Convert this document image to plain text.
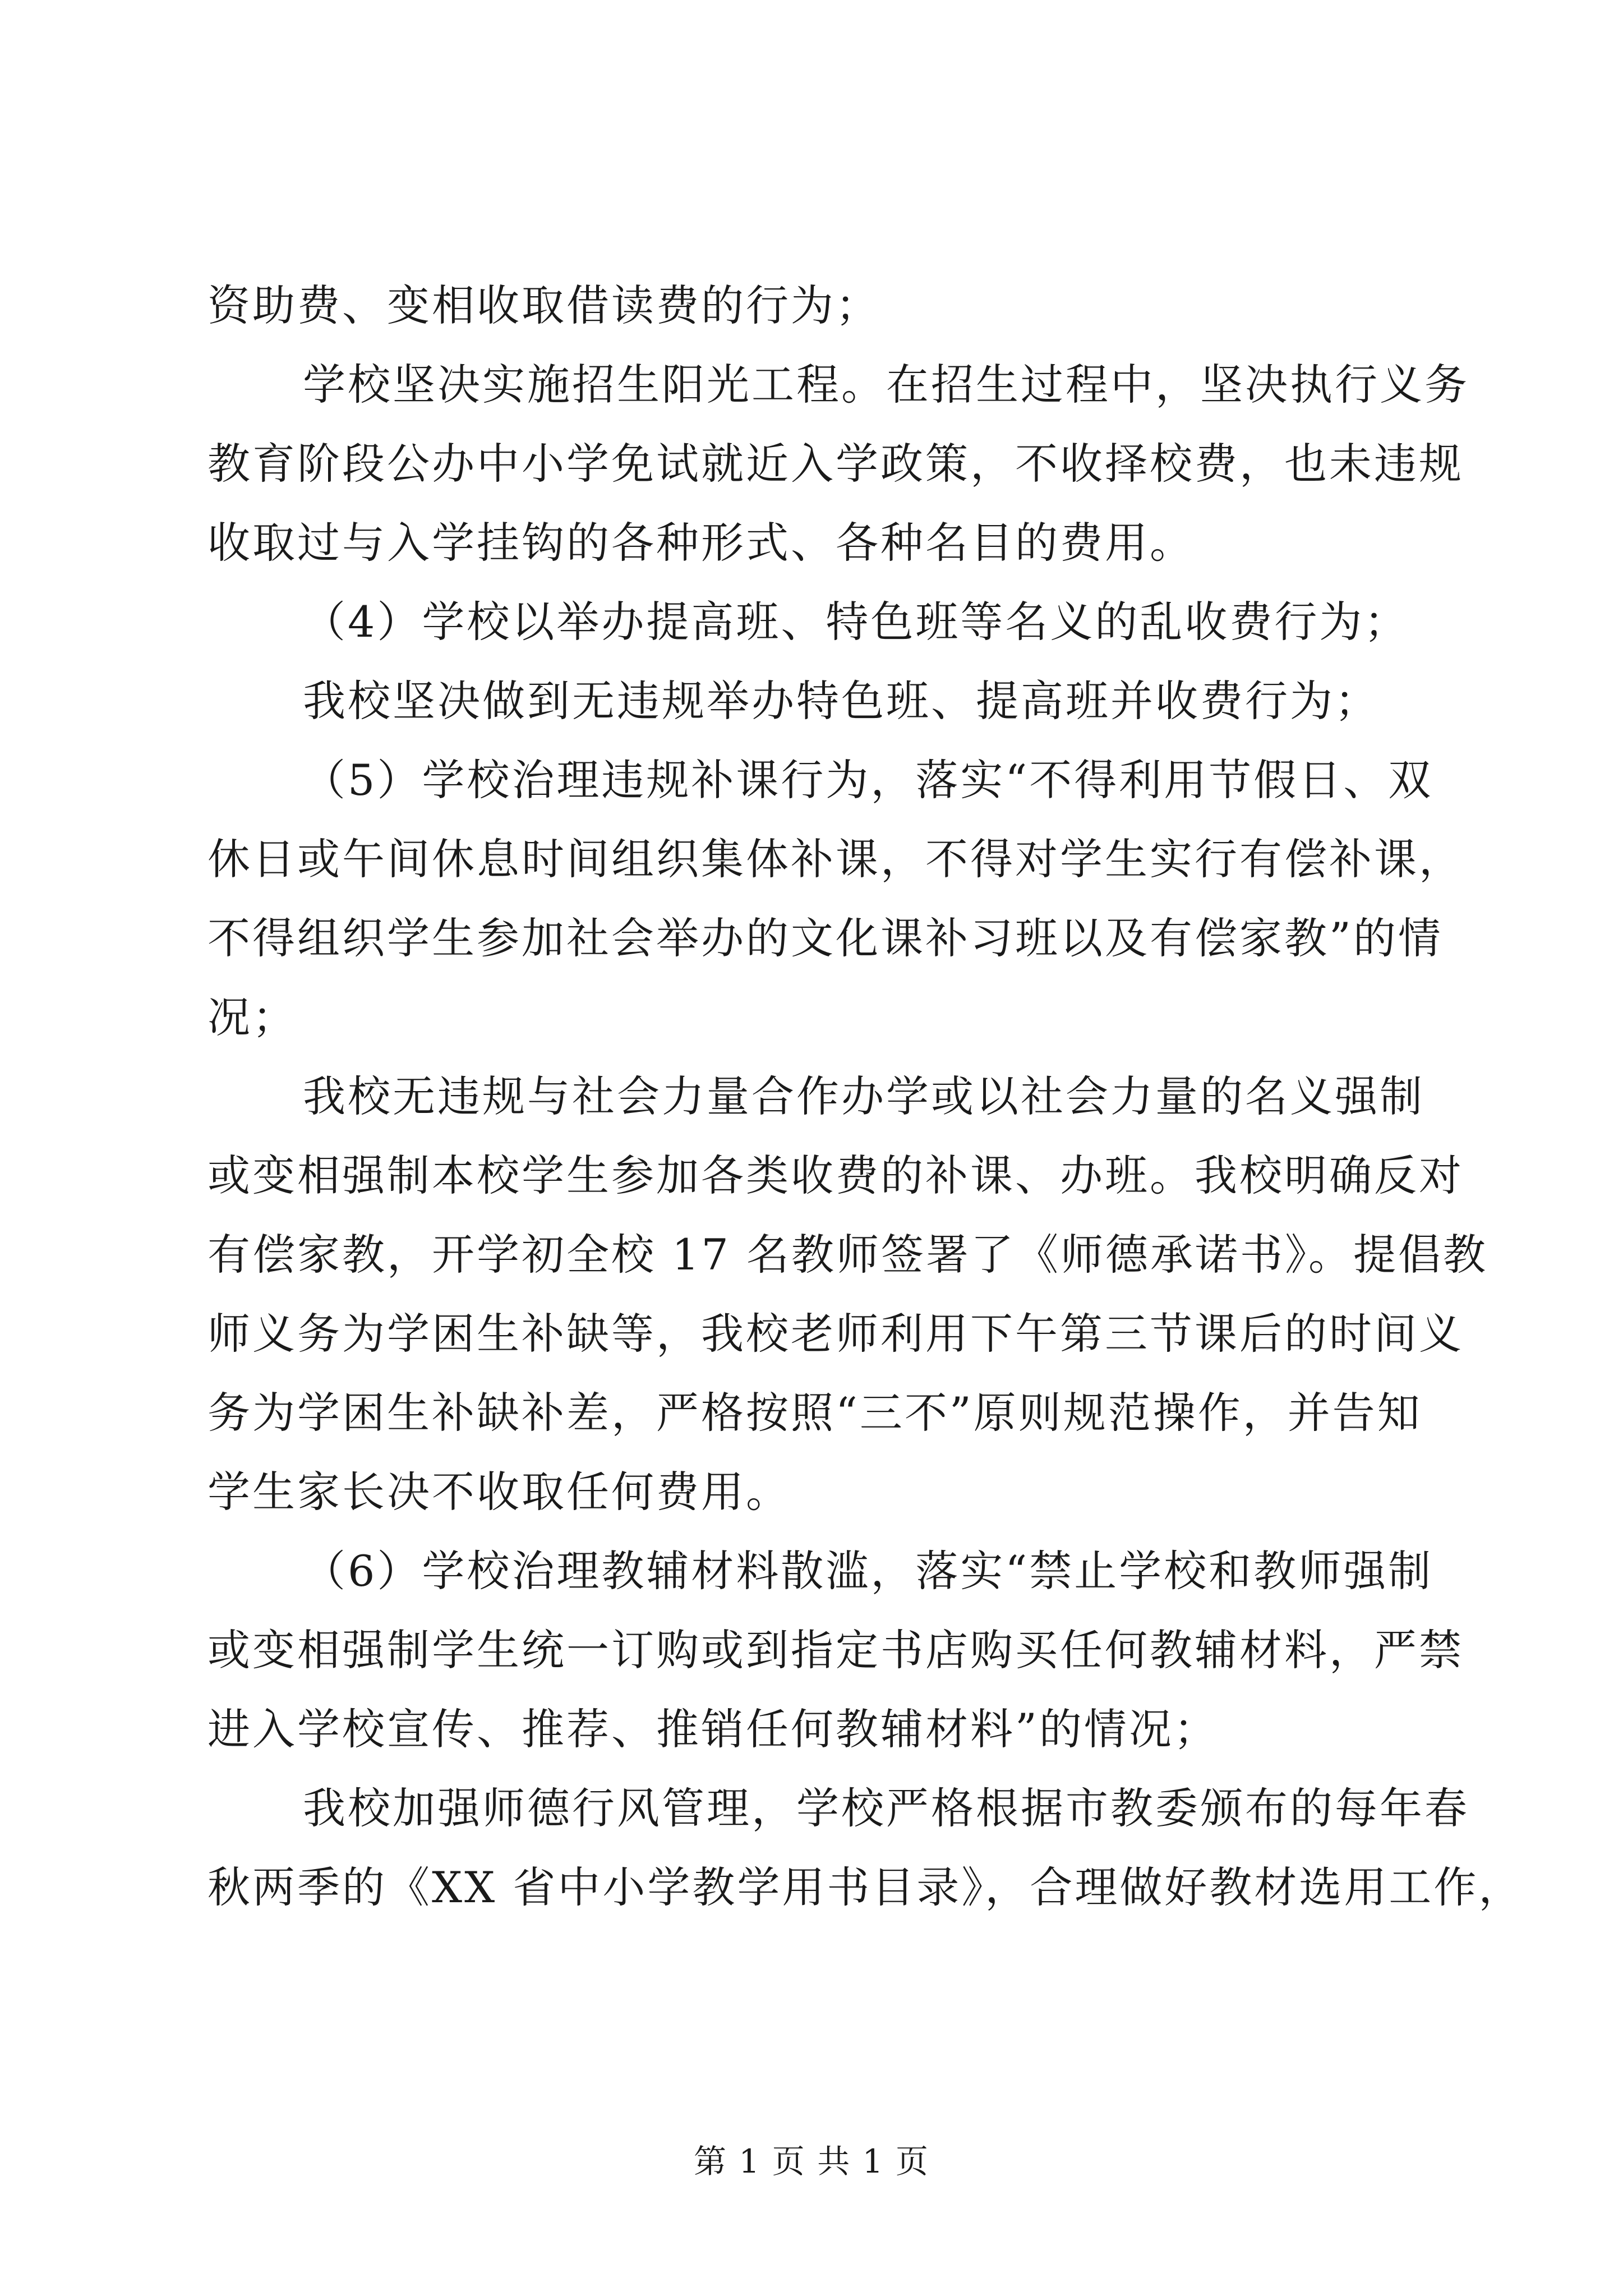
资助费、变相收取借读费的行为；
学校坚决实施招生阳光工程。在招生过程中，坚决执行义务
教育阶段公办中小学免试就近入学政策，不收择校费，也未违规
收取过与入学挂钩的各种形式、各种名目的费用。
（4）学校以举办提高班、特色班等名义的乱收费行为；
我校坚决做到无违规举办特色班、提高班并收费行为；
（5）学校治理违规补课行为，落实“不得利用节假日、双
休日或午间休息时间组织集体补课，不得对学生实行有偿补课，
不得组织学生参加社会举办的文化课补习班以及有偿家教”的情
况；
我校无违规与社会力量合作办学或以社会力量的名义强制
或变相强制本校学生参加各类收费的补课、办班。我校明确反对
有偿家教，开学初全校 17 名教师签署了《师德承诺书》。提倡教
师义务为学困生补缺等，我校老师利用下午第三节课后的时间义
务为学困生补缺补差，严格按照“三不”原则规范操作，并告知
学生家长决不收取任何费用。
（6）学校治理教辅材料散滥，落实“禁止学校和教师强制
或变相强制学生统一订购或到指定书店购买任何教辅材料，严禁
进入学校宣传、推荐、推销任何教辅材料”的情况；
我校加强师德行风管理，学校严格根据市教委颁布的每年春
秋两季的《XX 省中小学教学用书目录》，合理做好教材选用工作，
第 1 页 共 1 页
